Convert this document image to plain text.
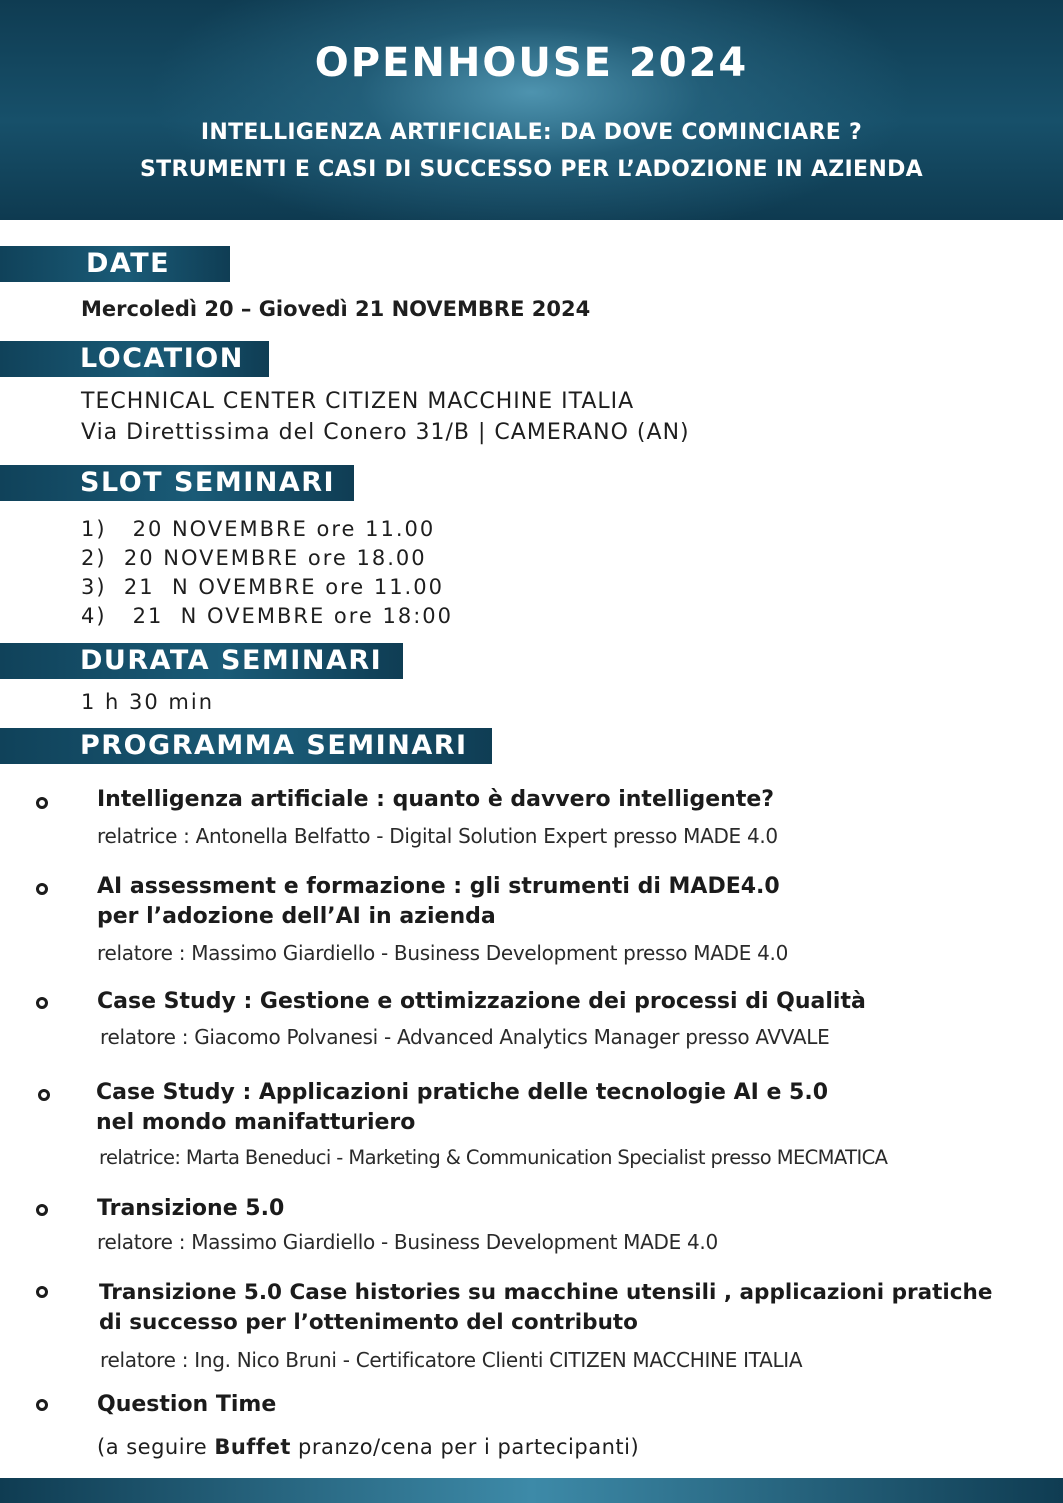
OPENHOUSE 2024
INTELLIGENZA ARTIFICIALE: DA DOVE COMINCIARE ?
STRUMENTI E CASI DI SUCCESSO PER L’ADOZIONE IN AZIENDA
DATE
Mercoledì 20 – Giovedì 21 NOVEMBRE 2024
LOCATION
TECHNICAL CENTER CITIZEN MACCHINE ITALIA
Via Direttissima del Conero 31/B | CAMERANO (AN)
SLOT SEMINARI
1)   20 NOVEMBRE ore 11.00
2)  20 NOVEMBRE ore 18.00
3)  21  N OVEMBRE ore 11.00
4)   21  N OVEMBRE ore 18:00
DURATA SEMINARI
1 h 30 min
PROGRAMMA SEMINARI
Intelligenza artificiale : quanto è davvero intelligente?
relatrice : Antonella Belfatto - Digital Solution Expert presso MADE 4.0
AI assessment e formazione : gli strumenti di MADE4.0
per l’adozione dell’AI in azienda
relatore : Massimo Giardiello - Business Development presso MADE 4.0
Case Study : Gestione e ottimizzazione dei processi di Qualità
relatore : Giacomo Polvanesi - Advanced Analytics Manager presso AVVALE
Case Study : Applicazioni pratiche delle tecnologie AI e 5.0
nel mondo manifatturiero
relatrice: Marta Beneduci - Marketing & Communication Specialist presso MECMATICA
Transizione 5.0
relatore : Massimo Giardiello - Business Development MADE 4.0
Transizione 5.0 Case histories su macchine utensili , applicazioni pratiche
di successo per l’ottenimento del contributo
relatore : Ing. Nico Bruni - Certificatore Clienti CITIZEN MACCHINE ITALIA
Question Time
(a seguire Buffet pranzo/cena per i partecipanti)
